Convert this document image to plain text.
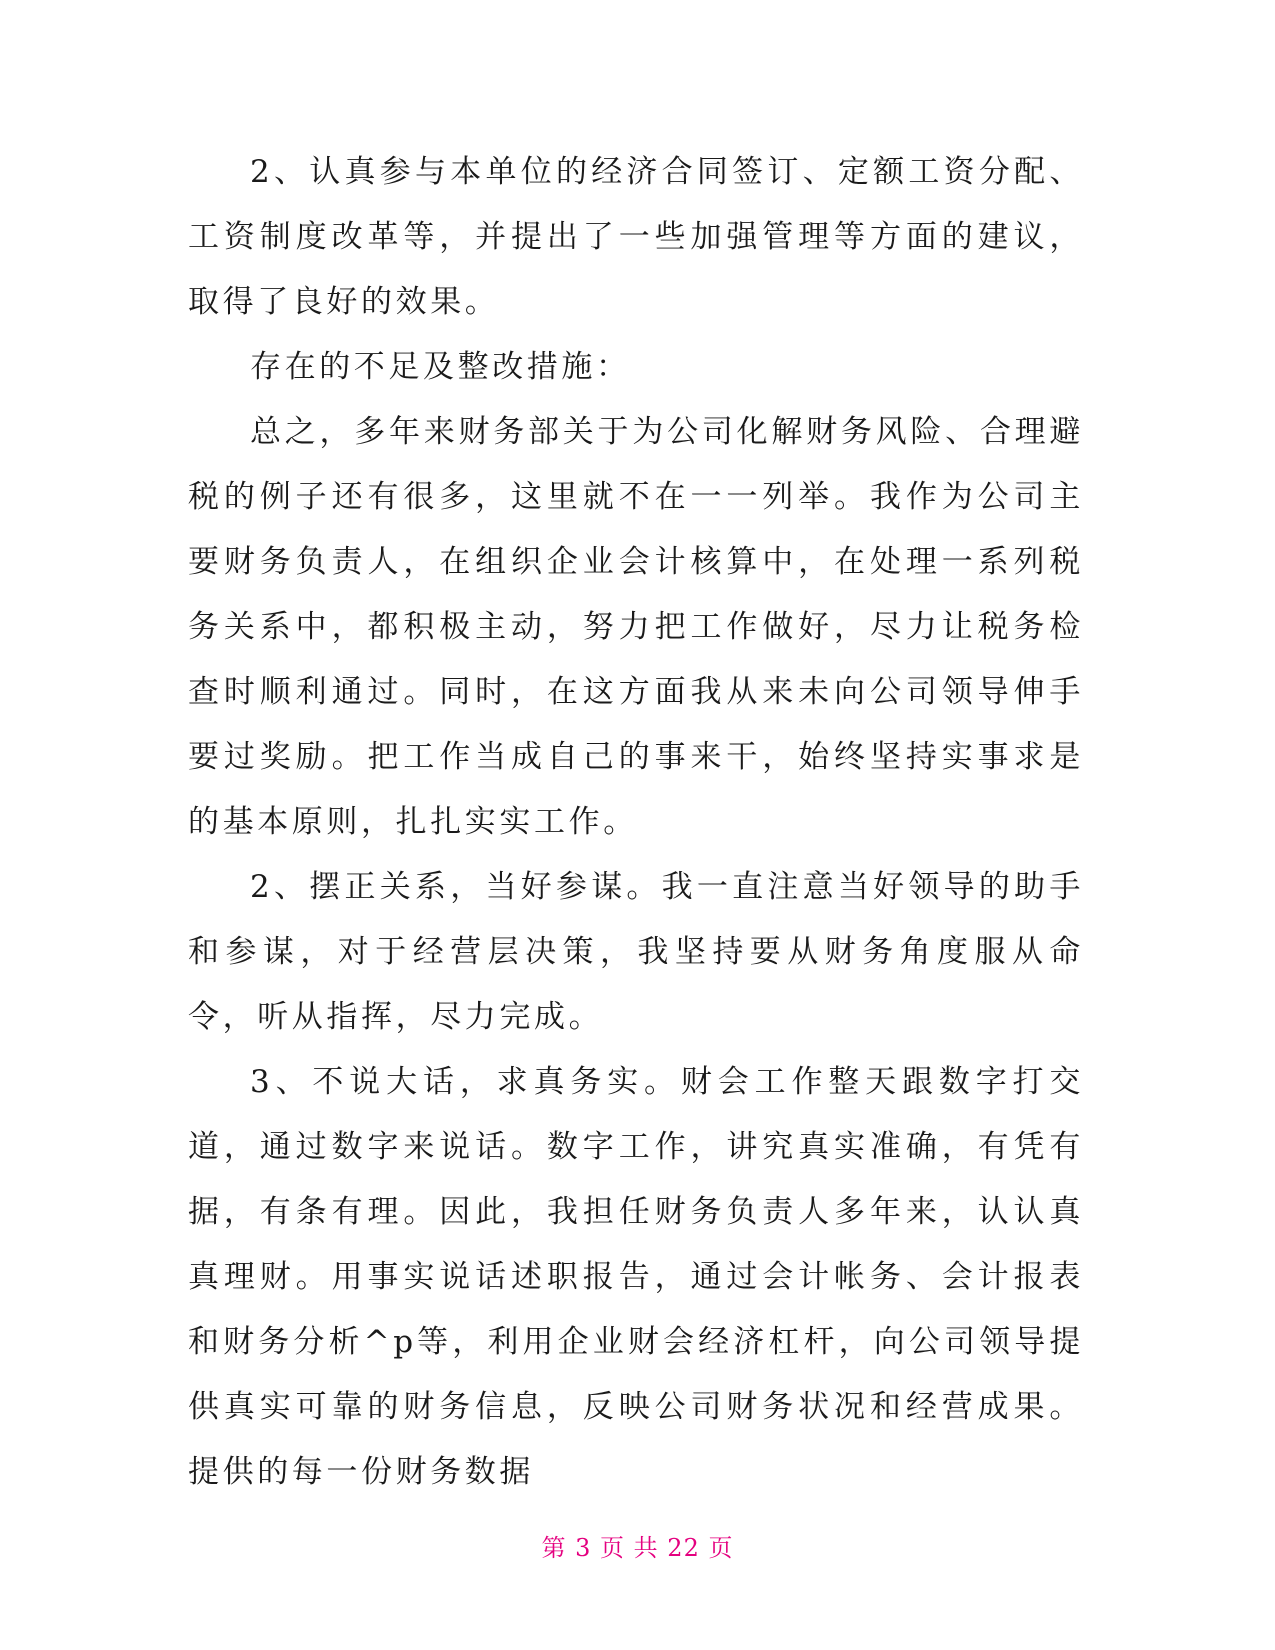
2、认真参与本单位的经济合同签订、定额工资分配、工资制度改革等，并提出了一些加强管理等方面的建议，取得了良好的效果。

存在的不足及整改措施：

总之，多年来财务部关于为公司化解财务风险、合理避税的例子还有很多，这里就不在一一列举。我作为公司主要财务负责人，在组织企业会计核算中，在处理一系列税务关系中，都积极主动，努力把工作做好，尽力让税务检查时顺利通过。同时，在这方面我从来未向公司领导伸手要过奖励。把工作当成自己的事来干，始终坚持实事求是的基本原则，扎扎实实工作。

2、摆正关系，当好参谋。我一直注意当好领导的助手和参谋，对于经营层决策，我坚持要从财务角度服从命令，听从指挥，尽力完成。

3、不说大话，求真务实。财会工作整天跟数字打交道，通过数字来说话。数字工作，讲究真实准确，有凭有据，有条有理。因此，我担任财务负责人多年来，认认真真理财。用事实说话述职报告，通过会计帐务、会计报表和财务分析^p等，利用企业财会经济杠杆，向公司领导提供真实可靠的财务信息，反映公司财务状况和经营成果。提供的每一份财务数据

第 3 页 共 22 页
